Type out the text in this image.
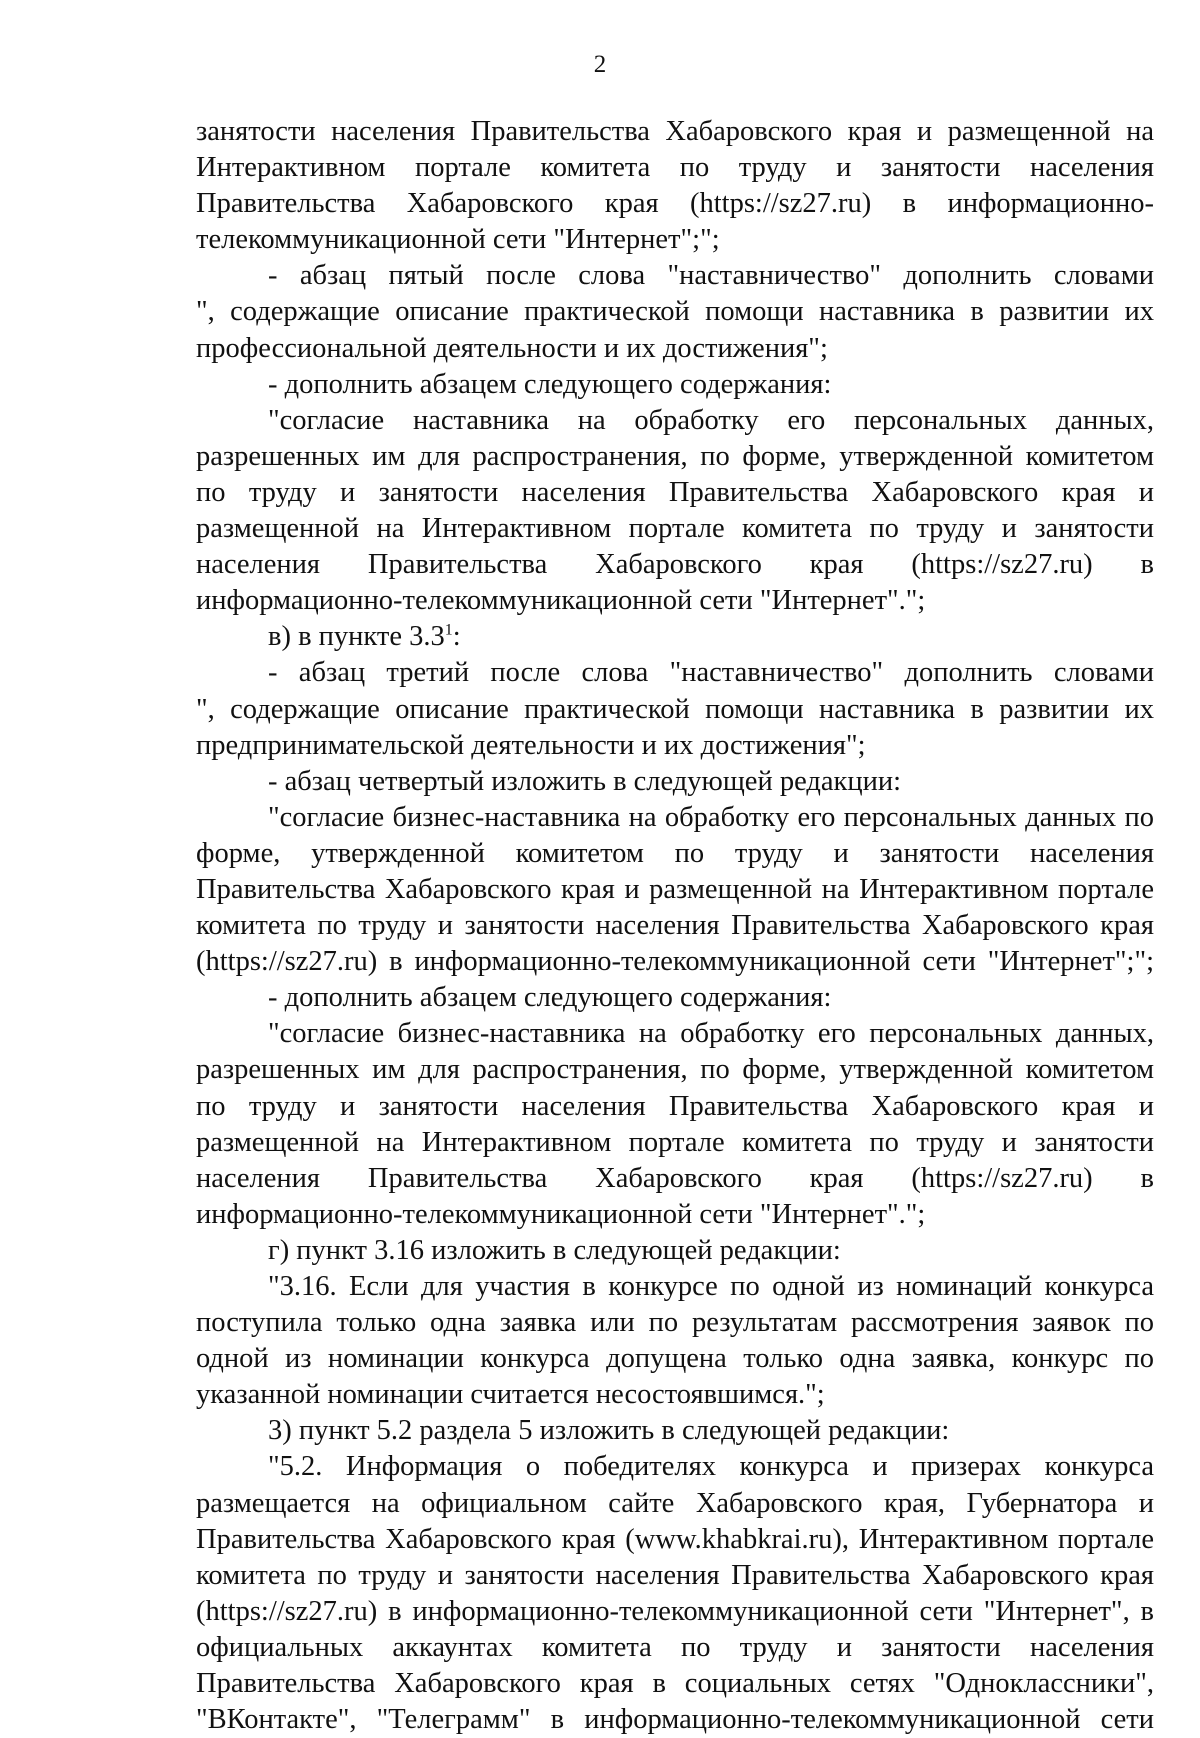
2
занятости населения Правительства Хабаровского края и размещенной на
Интерактивном портале комитета по труду и занятости населения
Правительства Хабаровского края (https://sz27.ru) в информационно-
телекоммуникационной сети "Интернет";";
- абзац пятый после слова "наставничество" дополнить словами
", содержащие описание практической помощи наставника в развитии их
профессиональной деятельности и их достижения";
- дополнить абзацем следующего содержания:
"согласие наставника на обработку его персональных данных,
разрешенных им для распространения, по форме, утвержденной комитетом
по труду и занятости населения Правительства Хабаровского края и
размещенной на Интерактивном портале комитета по труду и занятости
населения Правительства Хабаровского края (https://sz27.ru) в
информационно-телекоммуникационной сети "Интернет".";
в) в пункте $3.3^1$:
- абзац третий после слова "наставничество" дополнить словами
", содержащие описание практической помощи наставника в развитии их
предпринимательской деятельности и их достижения";
- абзац четвертый изложить в следующей редакции:
"согласие бизнес-наставника на обработку его персональных данных по
форме, утвержденной комитетом по труду и занятости населения
Правительства Хабаровского края и размещенной на Интерактивном портале
комитета по труду и занятости населения Правительства Хабаровского края
(https://sz27.ru) в информационно-телекоммуникационной сети "Интернет";";
- дополнить абзацем следующего содержания:
"согласие бизнес-наставника на обработку его персональных данных,
разрешенных им для распространения, по форме, утвержденной комитетом
по труду и занятости населения Правительства Хабаровского края и
размещенной на Интерактивном портале комитета по труду и занятости
населения Правительства Хабаровского края (https://sz27.ru) в
информационно-телекоммуникационной сети "Интернет".";
г) пункт 3.16 изложить в следующей редакции:
"3.16. Если для участия в конкурсе по одной из номинаций конкурса
поступила только одна заявка или по результатам рассмотрения заявок по
одной из номинации конкурса допущена только одна заявка, конкурс по
указанной номинации считается несостоявшимся.";
3) пункт 5.2 раздела 5 изложить в следующей редакции:
"5.2. Информация о победителях конкурса и призерах конкурса
размещается на официальном сайте Хабаровского края, Губернатора и
Правительства Хабаровского края (www.khabkrai.ru), Интерактивном портале
комитета по труду и занятости населения Правительства Хабаровского края
(https://sz27.ru) в информационно-телекоммуникационной сети "Интернет", в
официальных аккаунтах комитета по труду и занятости населения
Правительства Хабаровского края в социальных сетях "Одноклассники",
"ВКонтакте", "Телеграмм" в информационно-телекоммуникационной сети
